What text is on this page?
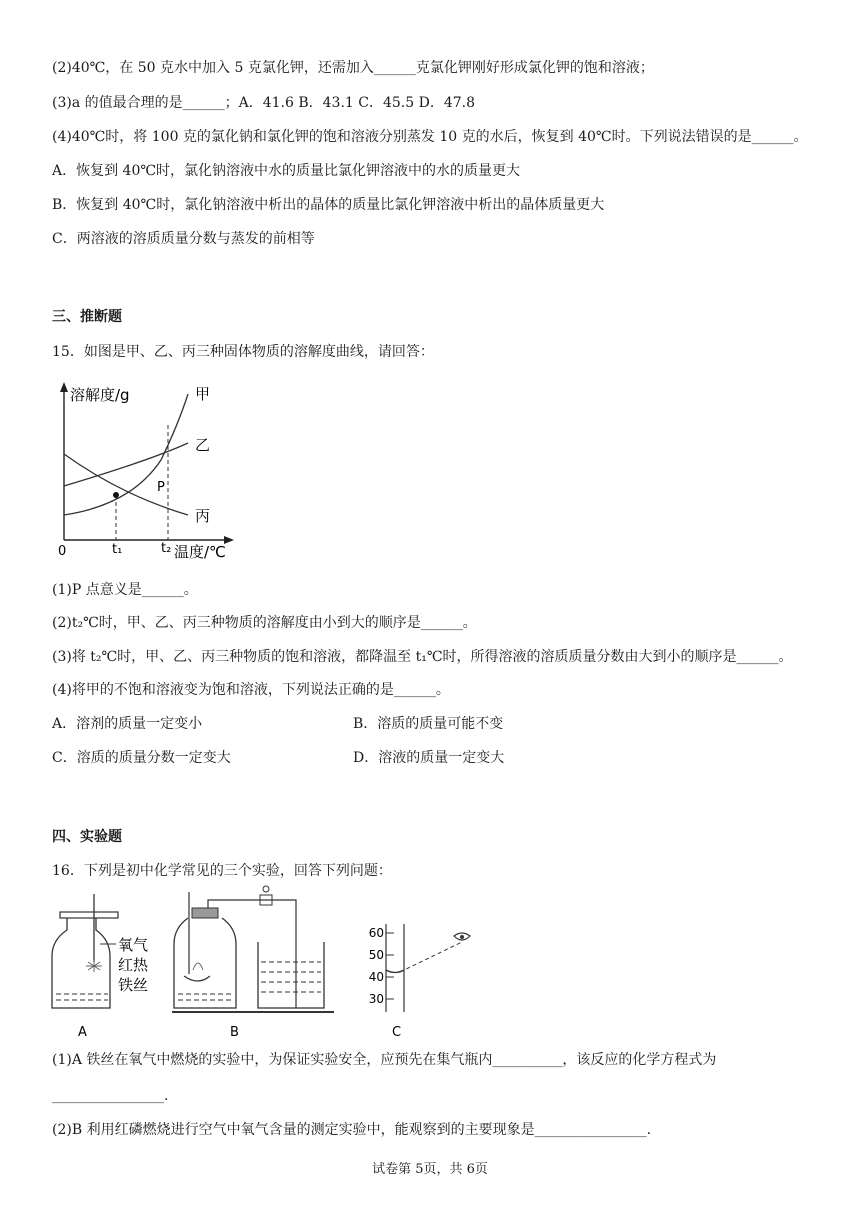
(2)40℃，在 50 克水中加入 5 克氯化钾，还需加入______克氯化钾刚好形成氯化钾的饱和溶液；
(3)a 的值最合理的是______；A．41.6 B．43.1 C．45.5 D．47.8
(4)40℃时，将 100 克的氯化钠和氯化钾的饱和溶液分别蒸发 10 克的水后，恢复到 40℃时。下列说法错误的是______。
A．恢复到 40℃时，氯化钠溶液中水的质量比氯化钾溶液中的水的质量更大
B．恢复到 40℃时，氯化钠溶液中析出的晶体的质量比氯化钾溶液中析出的晶体质量更大
C．两溶液的溶质质量分数与蒸发的前相等
三、推断题
15．如图是甲、乙、丙三种固体物质的溶解度曲线，请回答：
溶解度/g	甲
乙
丙
P
0	t₁	t₂ 温度/℃
(1)P 点意义是______。
(2)t₂℃时，甲、乙、丙三种物质的溶解度由小到大的顺序是______。
(3)将 t₂℃时，甲、乙、丙三种物质的饱和溶液，都降温至 t₁℃时，所得溶液的溶质质量分数由大到小的顺序是______。
(4)将甲的不饱和溶液变为饱和溶液，下列说法正确的是______。
A．溶剂的质量一定变小	B．溶质的质量可能不变
C．溶质的质量分数一定变大	D．溶液的质量一定变大
四、实验题
16．下列是初中化学常见的三个实验，回答下列问题：
氧气
红热
铁丝
A	B
60
50
40
30
C
(1)A 铁丝在氧气中燃烧的实验中，为保证实验安全，应预先在集气瓶内__________，该反应的化学方程式为
________________.
(2)B 利用红磷燃烧进行空气中氧气含量的测定实验中，能观察到的主要现象是________________.
试卷第 5页，共 6页
